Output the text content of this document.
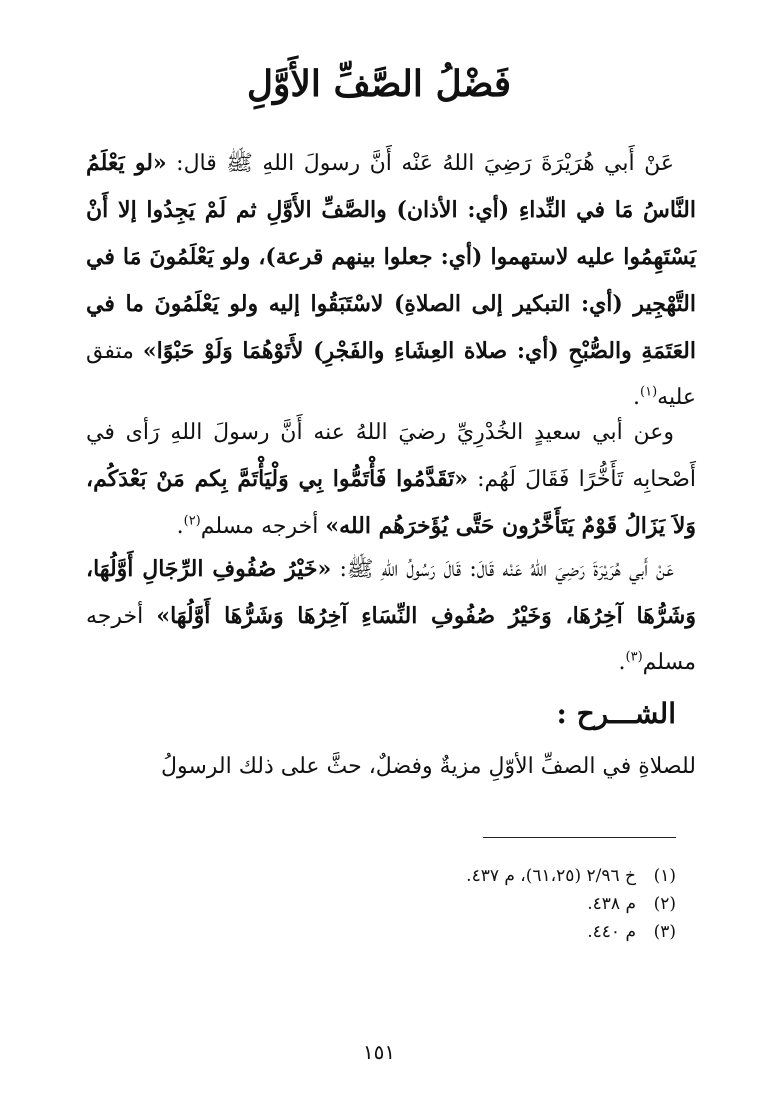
فَضْلُ الصَّفِّ الأَوَّلِ
عَنْ أَبي هُرَيْرَةَ رَضِيَ اللهُ عَنْه أَنَّ رسولَ اللهِ ﷺ قال: «لو يَعْلَمُ النَّاسُ مَا في النِّداءِ (أي: الأذان) والصَّفِّ الأَوَّلِ ثم لَمْ يَجِدُوا إلا أَنْ يَسْتَهِمُوا عليه لاستهموا (أي: جعلوا بينهم قرعة)، ولو يَعْلَمُونَ مَا في التَّهْجِير (أي: التبكير إلى الصلاةِ) لاسْتَبَقُوا إليه ولو يَعْلَمُونَ ما في العَتَمَةِ والصُّبْحِ (أي: صلاة العِشَاءِ والفَجْرِ) لأَتَوْهُمَا وَلَوْ حَبْوًا» متفق عليه$^{(١)}$.
وعن أبي سعيدٍ الخُدْرِيِّ رضيَ اللهُ عنه أَنَّ رسولَ اللهِ رَأى في أَصْحابِه تَأَخُّرًا فَقَالَ لَهُم: «تَقَدَّمُوا فَأْتَمُّوا بِي وَلْيَأْتَمَّ بِكم مَنْ بَعْدَكُم، وَلاَ يَزَالُ قَوْمٌ يَتَأَخَّرُون حَتَّى يُؤَخرَهُم الله» أخرجه مسلم$^{(٢)}$.
عَنْ أَبي هُرَيْرَةَ رَضِيَ اللهُ عَنْه قَالَ: قَالَ رَسُولُ اللهِ ﷺ: «خَيْرُ صُفُوفِ الرِّجَالِ أَوَّلُهَا، وَشَرُّهَا آخِرُهَا، وَخَيْرُ صُفُوفِ النِّسَاءِ آخِرُهَا وَشَرُّهَا أَوَّلُهَا» أخرجه مسلم$^{(٣)}$.
الشـــرح :
للصلاةِ في الصفِّ الأوّلِ مزيةٌ وفضلٌ، حثَّ على ذلك الرسولُ
(١)خ ٢/٩٦ (٦١،٢٥)، م ٤٣٧.
(٢)م ٤٣٨.
(٣)م ٤٤٠.
١٥١
